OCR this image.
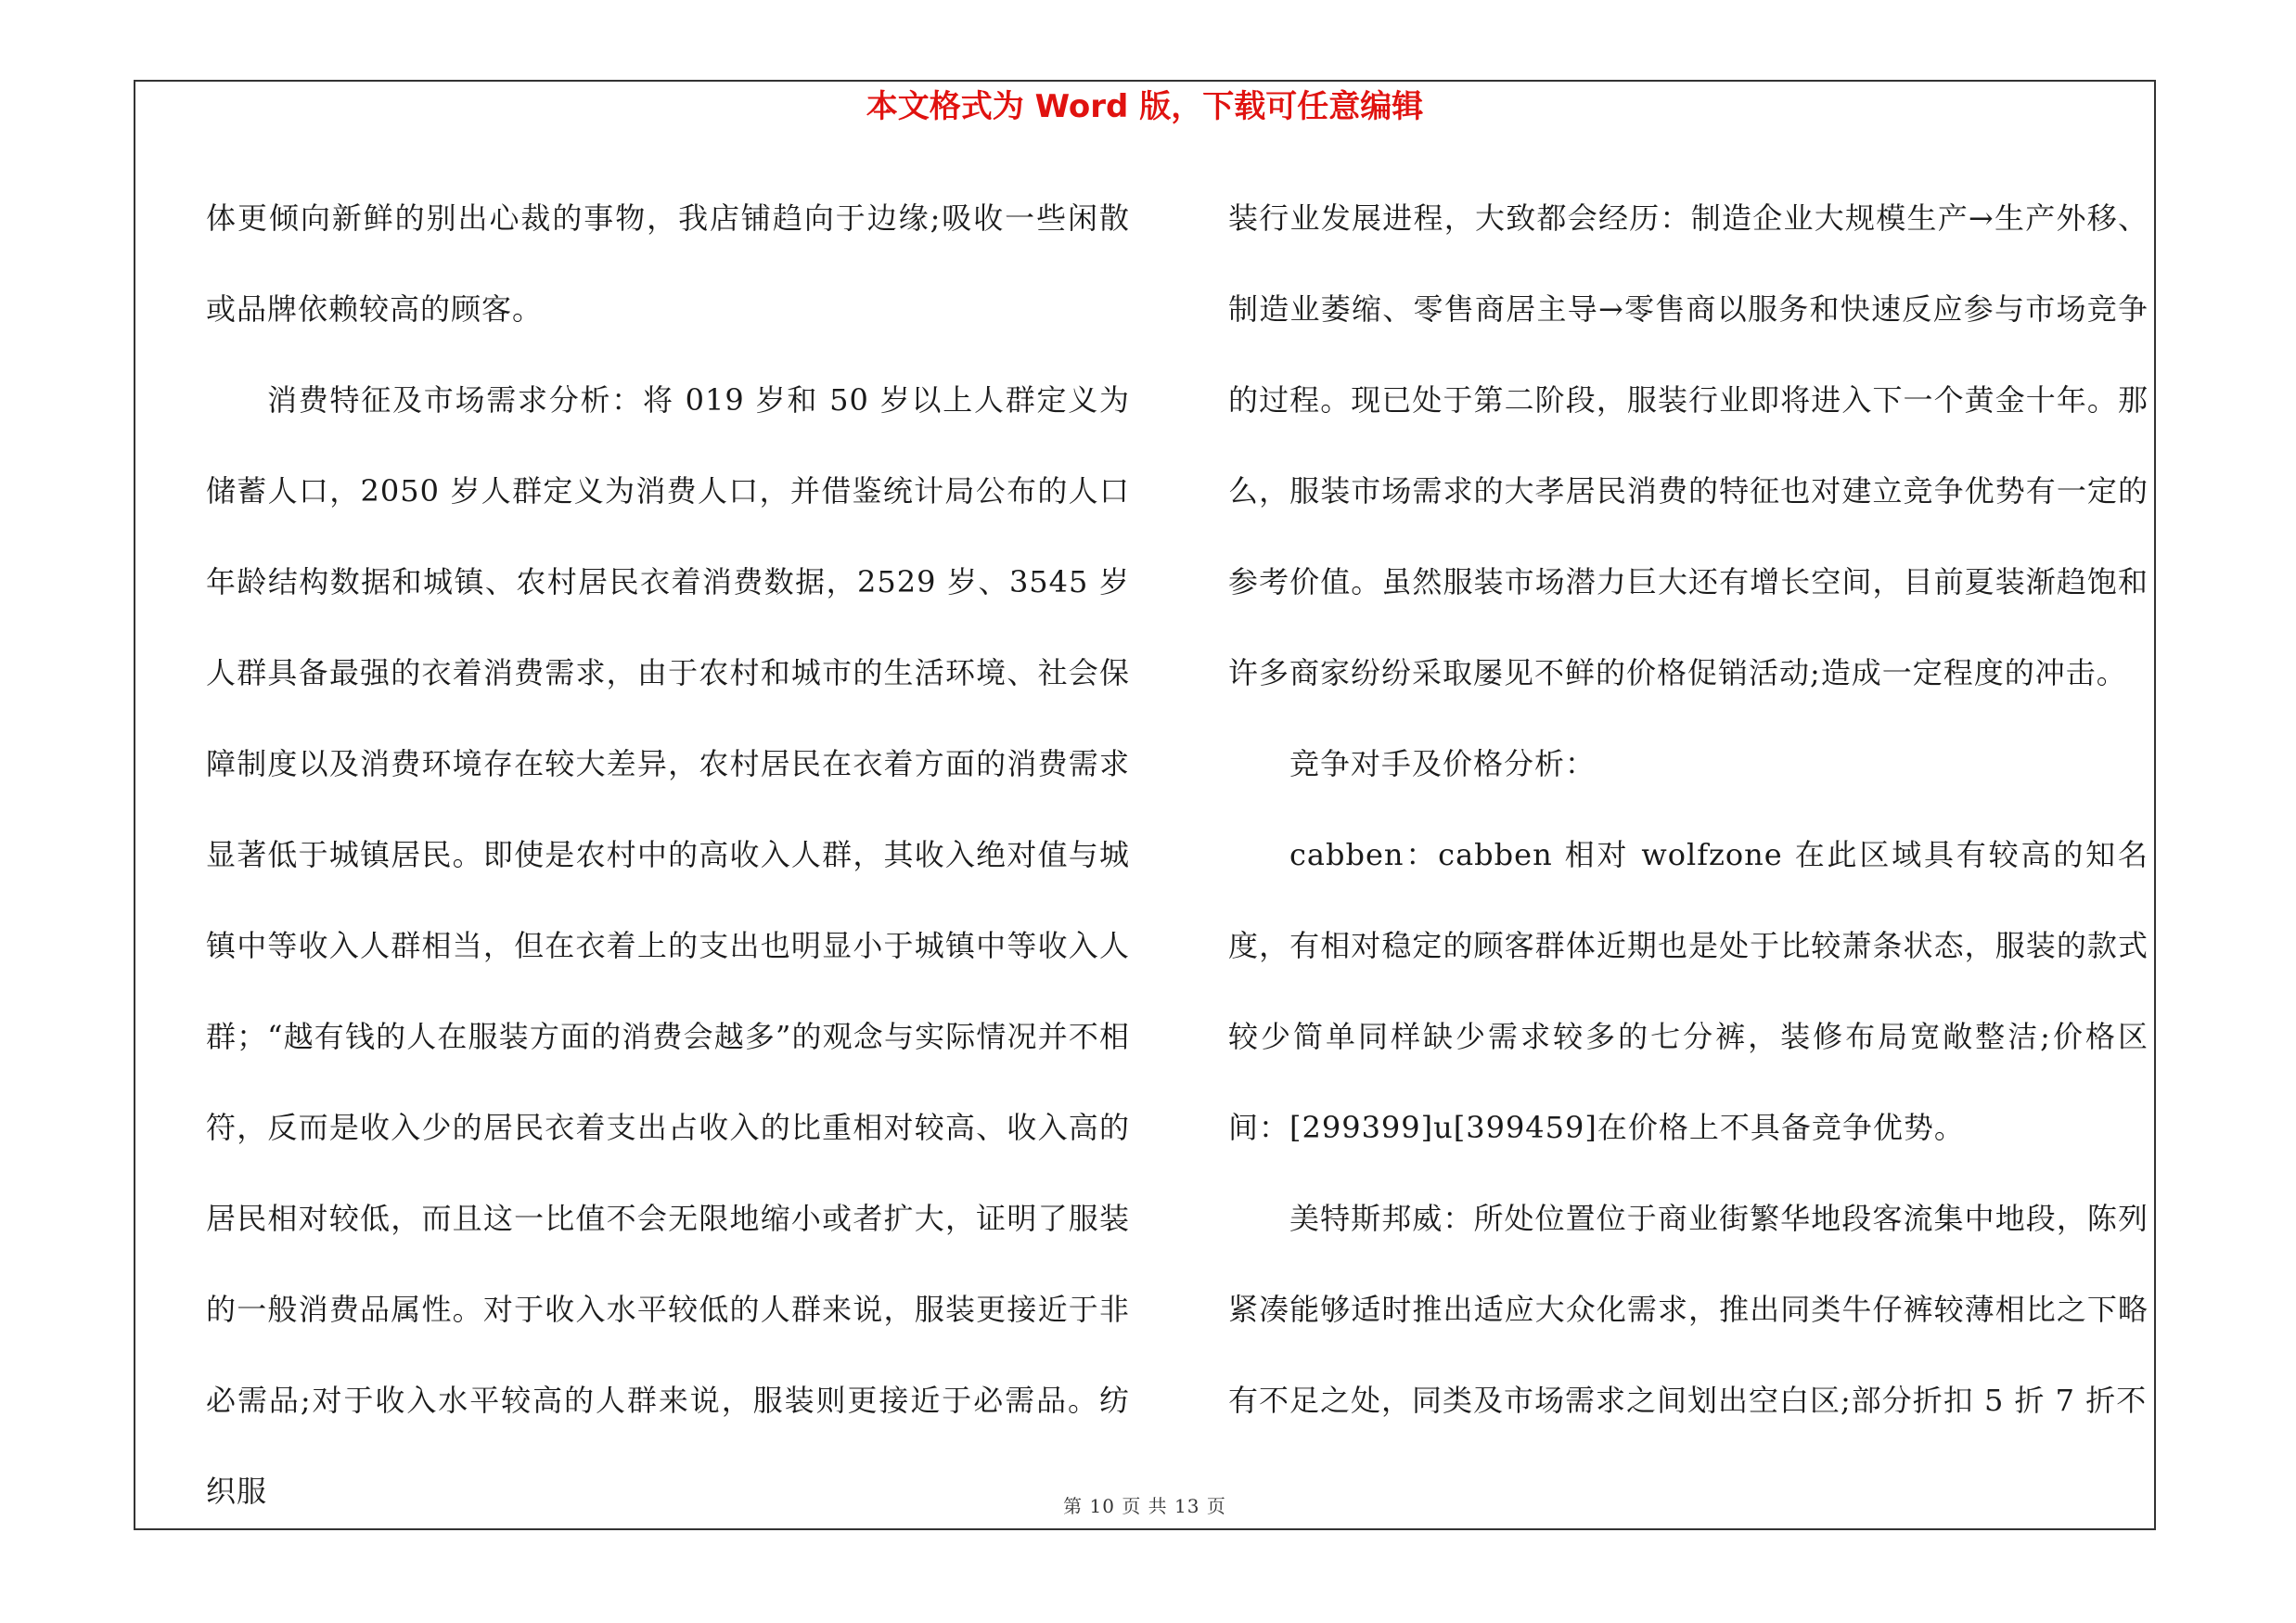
本文格式为 Word 版，下载可任意编辑

体更倾向新鲜的别出心裁的事物，我店铺趋向于边缘;吸收一些闲散或品牌依赖较高的顾客。

消费特征及市场需求分析：将 019 岁和 50 岁以上人群定义为储蓄人口，2050 岁人群定义为消费人口，并借鉴统计局公布的人口年龄结构数据和城镇、农村居民衣着消费数据，2529 岁、3545 岁人群具备最强的衣着消费需求，由于农村和城市的生活环境、社会保障制度以及消费环境存在较大差异，农村居民在衣着方面的消费需求显著低于城镇居民。即使是农村中的高收入人群，其收入绝对值与城镇中等收入人群相当，但在衣着上的支出也明显小于城镇中等收入人群；“越有钱的人在服装方面的消费会越多”的观念与实际情况并不相符，反而是收入少的居民衣着支出占收入的比重相对较高、收入高的居民相对较低，而且这一比值不会无限地缩小或者扩大，证明了服装的一般消费品属性。对于收入水平较低的人群来说，服装更接近于非必需品;对于收入水平较高的人群来说，服装则更接近于必需品。纺织服

装行业发展进程，大致都会经历：制造企业大规模生产→生产外移、制造业萎缩、零售商居主导→零售商以服务和快速反应参与市场竞争的过程。现已处于第二阶段，服装行业即将进入下一个黄金十年。那么，服装市场需求的大孝居民消费的特征也对建立竞争优势有一定的参考价值。虽然服装市场潜力巨大还有增长空间，目前夏装渐趋饱和许多商家纷纷采取屡见不鲜的价格促销活动;造成一定程度的冲击。

竞争对手及价格分析：

cabben：cabben 相对 wolfzone 在此区域具有较高的知名度，有相对稳定的顾客群体近期也是处于比较萧条状态，服装的款式较少简单同样缺少需求较多的七分裤，装修布局宽敞整洁;价格区间：[299399]u[399459]在价格上不具备竞争优势。

美特斯邦威：所处位置位于商业街繁华地段客流集中地段，陈列紧凑能够适时推出适应大众化需求，推出同类牛仔裤较薄相比之下略有不足之处，同类及市场需求之间划出空白区;部分折扣 5 折 7 折不

第 10 页 共 13 页
